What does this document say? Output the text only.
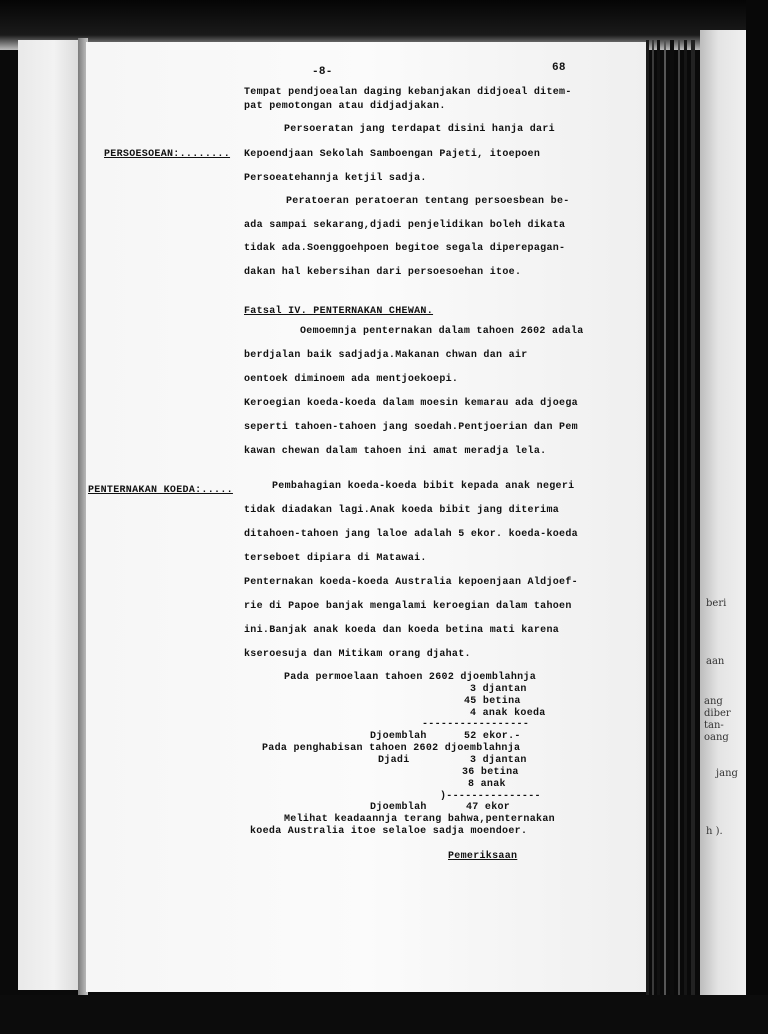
beri
aan
ang
diber
tan-
oang
jang
h ).
-8-	68
Tempat pendjoealan daging kebanjakan didjoeal ditem-
pat pemotongan atau didjadjakan.
Persoeratan jang terdapat disini hanja dari
PERSOESOEAN:........ Kepoendjaan Sekolah Samboengan Pajeti, itoepoen
Persoeatehannja ketjil sadja.
Peratoeran peratoeran tentang persoesbean be-
ada sampai sekarang,djadi penjelidikan boleh dikata
tidak ada.Soenggoehpoen begitoe segala diperepagan-
dakan hal kebersihan dari persoesoehan itoe.
Fatsal IV. PENTERNAKAN CHEWAN.
Oemoemnja penternakan dalam tahoen 2602 adala
berdjalan baik sadjadja.Makanan chwan dan air
oentoek diminoem ada mentjoekoepi.
Keroegian koeda-koeda dalam moesin kemarau ada djoega
seperti tahoen-tahoen jang soedah.Pentjoerian dan Pem
kawan chewan dalam tahoen ini amat meradja lela.
PENTERNAKAN KOEDA:.....	Pembahagian koeda-koeda bibit kepada anak negeri
tidak diadakan lagi.Anak koeda bibit jang diterima
ditahoen-tahoen jang laloe adalah 5 ekor. koeda-koeda
terseboet dipiara di Matawai.
Penternakan koeda-koeda Australia kepoenjaan Aldjoef-
rie di Papoe banjak mengalami keroegian dalam tahoen
ini.Banjak anak koeda dan koeda betina mati karena
kseroesuja dan Mitikam orang djahat.
Pada permoelaan tahoen 2602 djoemblahnja
3 djantan
45 betina
4 anak koeda
-----------------
Djoemblah	52 ekor.-
Pada penghabisan tahoen 2602 djoemblahnja
Djadi	3 djantan
36 betina
8 anak
)---------------
Djoemblah	47 ekor
Melihat keadaannja terang bahwa,penternakan
koeda Australia itoe selaloe sadja moendoer.
Pemeriksaan
